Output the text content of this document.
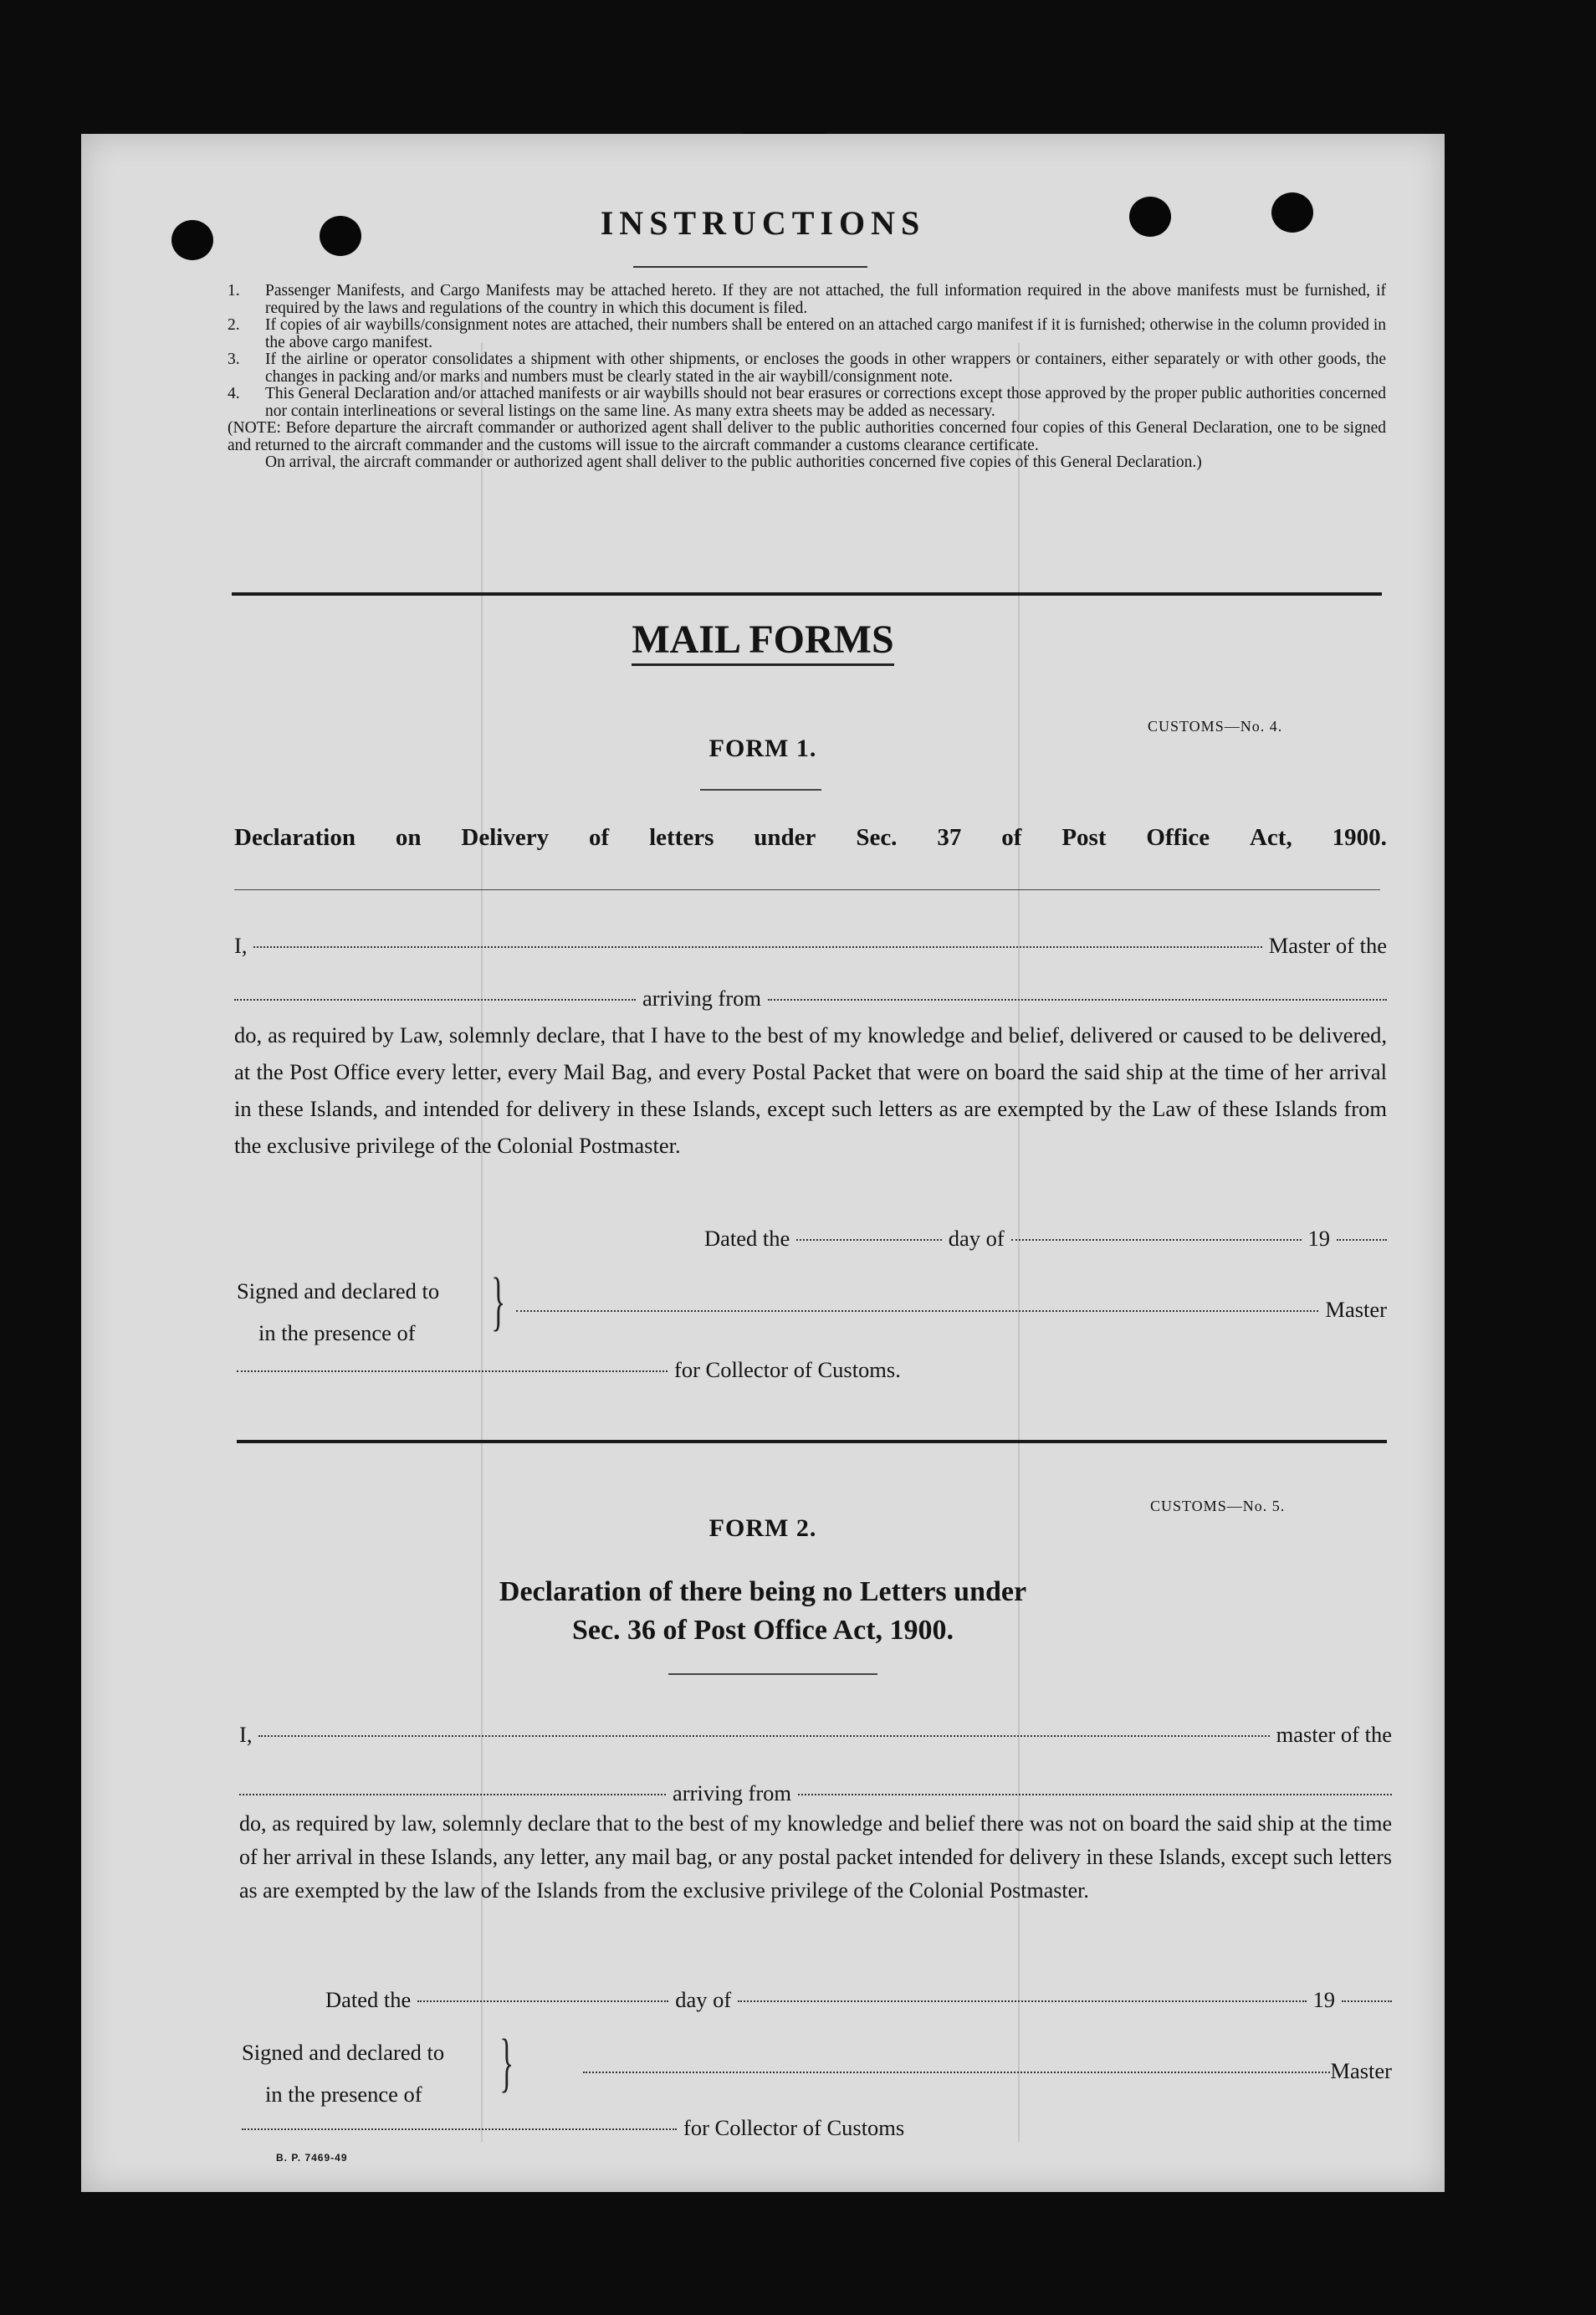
INSTRUCTIONS
1.	Passenger Manifests, and Cargo Manifests may be attached hereto. If they are not attached, the full information required in the above manifests must be furnished, if required by the laws and regulations of the country in which this document is filed.
2.	If copies of air waybills/consignment notes are attached, their numbers shall be entered on an attached cargo manifest if it is furnished; otherwise in the column provided in the above cargo manifest.
3.	If the airline or operator consolidates a shipment with other shipments, or encloses the goods in other wrappers or containers, either separately or with other goods, the changes in packing and/or marks and numbers must be clearly stated in the air waybill/consignment note.
4.	This General Declaration and/or attached manifests or air waybills should not bear erasures or corrections except those approved by the proper public authorities concerned nor contain interlineations or several listings on the same line. As many extra sheets may be added as necessary.
(NOTE: Before departure the aircraft commander or authorized agent shall deliver to the public authorities concerned four copies of this General Declaration, one to be signed and returned to the aircraft commander and the customs will issue to the aircraft commander a customs clearance certificate.
On arrival, the aircraft commander or authorized agent shall deliver to the public authorities concerned five copies of this General Declaration.)
MAIL FORMS
CUSTOMS—No. 4.
FORM 1.
Declaration on Delivery of letters under Sec. 37 of Post Office Act, 1900.
I,	Master of the
arriving from
do, as required by Law, solemnly declare, that I have to the best of my knowledge and belief, delivered or caused to be delivered, at the Post Office every letter, every Mail Bag, and every Postal Packet that were on board the said ship at the time of her arrival in these Islands, and intended for delivery in these Islands, except such letters as are exempted by the Law of these Islands from the exclusive privilege of the Colonial Postmaster.
Dated the	day of	19
Signed and declared to
in the presence of	}	Master
for Collector of Customs.
CUSTOMS—No. 5.
FORM 2.
Declaration of there being no Letters under
Sec. 36 of Post Office Act, 1900.
I,	master of the
arriving from
do, as required by law, solemnly declare that to the best of my knowledge and belief there was not on board the said ship at the time of her arrival in these Islands, any letter, any mail bag, or any postal packet intended for delivery in these Islands, except such letters as are exempted by the law of the Islands from the exclusive privilege of the Colonial Postmaster.
Dated the	day of	19
Signed and declared to
in the presence of	}	Master
for Collector of Customs
B. P. 7469-49
